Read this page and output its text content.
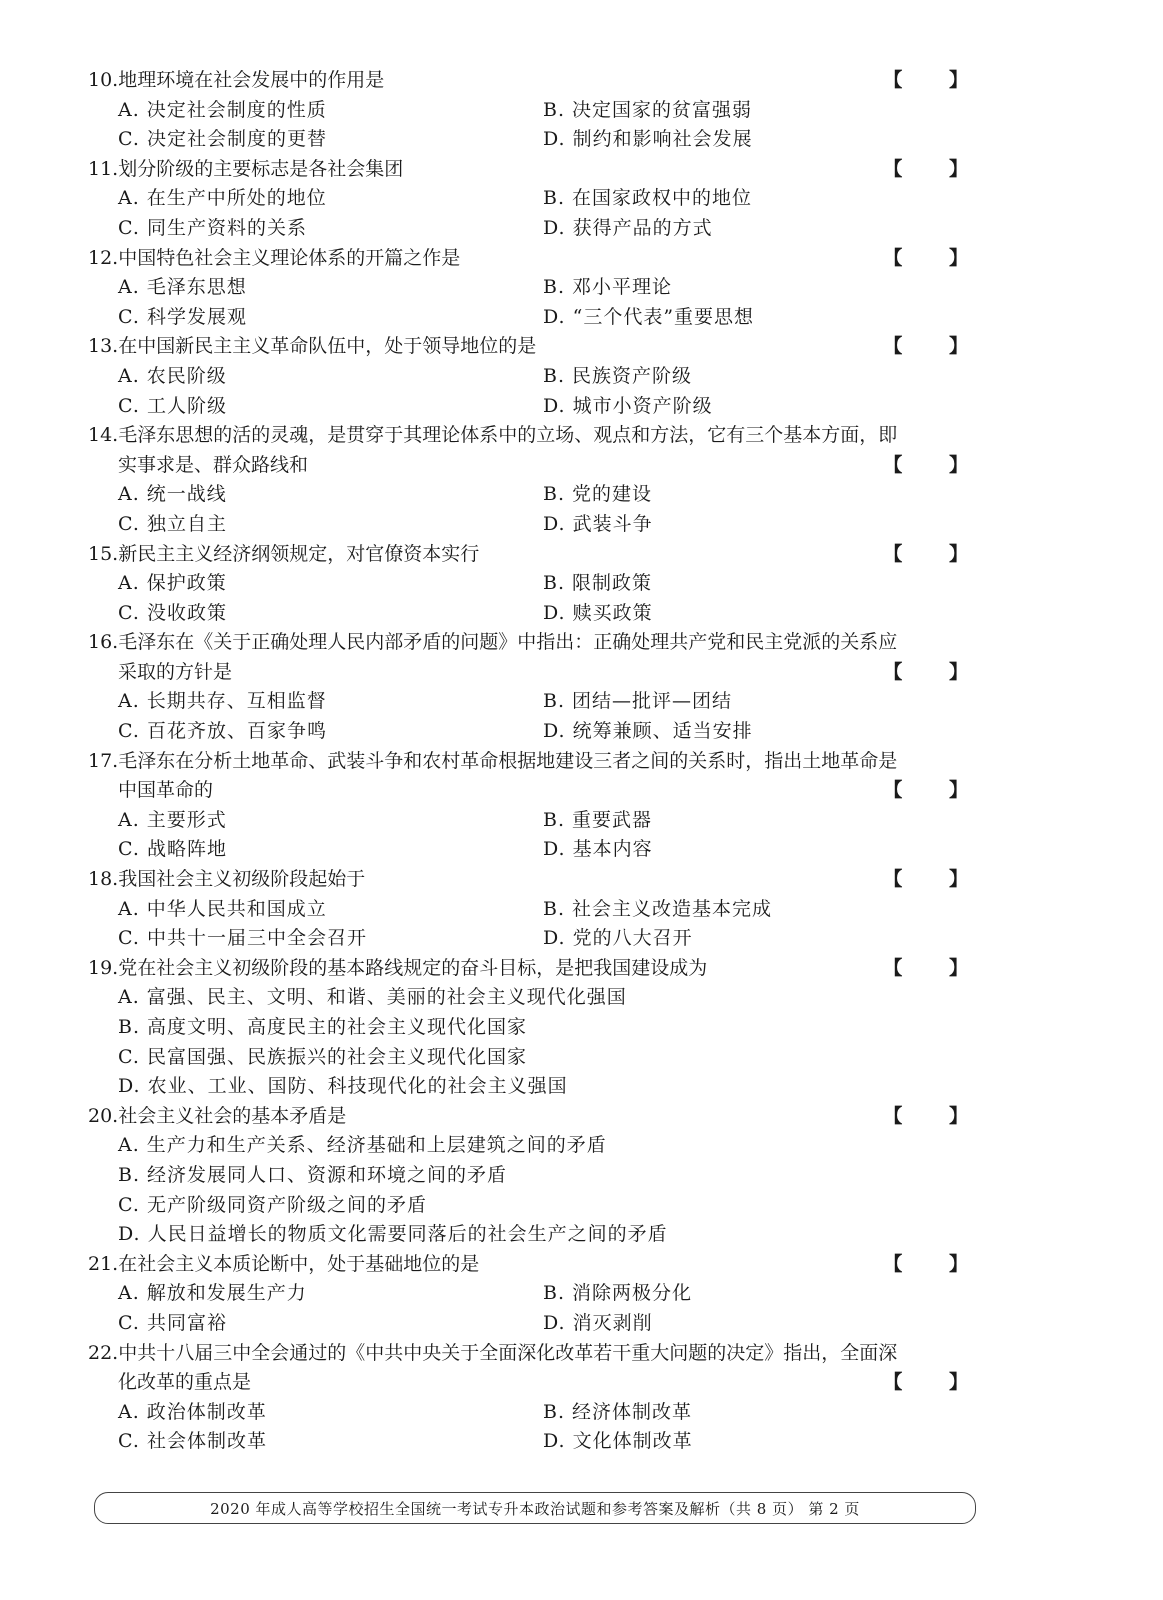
10.地理环境在社会发展中的作用是	【 】
A. 决定社会制度的性质	B. 决定国家的贫富强弱
C. 决定社会制度的更替	D. 制约和影响社会发展
11.划分阶级的主要标志是各社会集团	【 】
A. 在生产中所处的地位	B. 在国家政权中的地位
C. 同生产资料的关系	D. 获得产品的方式
12.中国特色社会主义理论体系的开篇之作是	【 】
A. 毛泽东思想	B. 邓小平理论
C. 科学发展观	D. “三个代表”重要思想
13.在中国新民主主义革命队伍中，处于领导地位的是	【 】
A. 农民阶级	B. 民族资产阶级
C. 工人阶级	D. 城市小资产阶级
14.毛泽东思想的活的灵魂，是贯穿于其理论体系中的立场、观点和方法，它有三个基本方面，即实事求是、群众路线和	【 】
A. 统一战线	B. 党的建设
C. 独立自主	D. 武装斗争
15.新民主主义经济纲领规定，对官僚资本实行	【 】
A. 保护政策	B. 限制政策
C. 没收政策	D. 赎买政策
16.毛泽东在《关于正确处理人民内部矛盾的问题》中指出：正确处理共产党和民主党派的关系应采取的方针是	【 】
A. 长期共存、互相监督	B. 团结—批评—团结
C. 百花齐放、百家争鸣	D. 统筹兼顾、适当安排
17.毛泽东在分析土地革命、武装斗争和农村革命根据地建设三者之间的关系时，指出土地革命是中国革命的	【 】
A. 主要形式	B. 重要武器
C. 战略阵地	D. 基本内容
18.我国社会主义初级阶段起始于	【 】
A. 中华人民共和国成立	B. 社会主义改造基本完成
C. 中共十一届三中全会召开	D. 党的八大召开
19.党在社会主义初级阶段的基本路线规定的奋斗目标，是把我国建设成为	【 】
A. 富强、民主、文明、和谐、美丽的社会主义现代化强国
B. 高度文明、高度民主的社会主义现代化国家
C. 民富国强、民族振兴的社会主义现代化国家
D. 农业、工业、国防、科技现代化的社会主义强国
20.社会主义社会的基本矛盾是	【 】
A. 生产力和生产关系、经济基础和上层建筑之间的矛盾
B. 经济发展同人口、资源和环境之间的矛盾
C. 无产阶级同资产阶级之间的矛盾
D. 人民日益增长的物质文化需要同落后的社会生产之间的矛盾
21.在社会主义本质论断中，处于基础地位的是	【 】
A. 解放和发展生产力	B. 消除两极分化
C. 共同富裕	D. 消灭剥削
22.中共十八届三中全会通过的《中共中央关于全面深化改革若干重大问题的决定》指出，全面深化改革的重点是	【 】
A. 政治体制改革	B. 经济体制改革
C. 社会体制改革	D. 文化体制改革
2020 年成人高等学校招生全国统一考试专升本政治试题和参考答案及解析（共 8 页） 第 2 页
